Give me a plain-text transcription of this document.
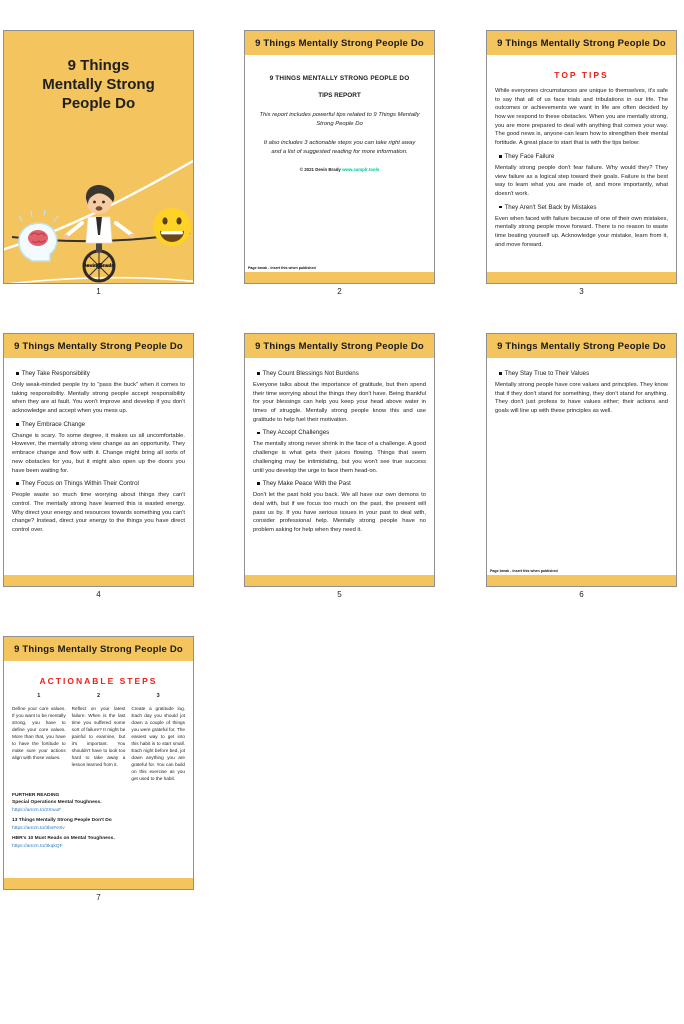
9 Things
Mentally Strong
People Do
Devin Brady
1
9 Things Mentally Strong People Do
9 THINGS MENTALLY STRONG PEOPLE DO
TIPS REPORT
This report includes powerful tips related to 9 Things Mentally Strong People Do
It also includes 3 actionable steps you can take right away and a list of suggested reading for more information.
© 2021 Devin Brady www.samplr.tools
Page break - insert this when published
2
9 Things Mentally Strong People Do
TOP TIPS
While everyones circumstances are unique to themselves, it's safe to say that all of us face trials and tribulations in our life. The outcomes or achievements we want in life are often decided by how we respond to these obstacles. When you are mentally strong, you are more prepared to deal with anything that comes your way. The good news is, anyone can learn how to strengthen their mental fortitude. A great place to start that is with the tips below:
They Face Failure
Mentally strong people don't fear failure. Why would they? They view failure as a logical step toward their goals. Failure is the best way to learn what you are made of, and more importantly, what doesn't work.
They Aren't Set Back by Mistakes
Even when faced with failure because of one of their own mistakes, mentally strong people move forward. There is no reason to waste time beating yourself up. Acknowledge your mistake, learn from it, and move forward.
3
9 Things Mentally Strong People Do
They Take Responsibility
Only weak-minded people try to "pass the buck" when it comes to taking responsibility. Mentally strong people accept responsibility when they are at fault. You won't improve and develop if you don't acknowledge and accept when you mess up.
They Embrace Change
Change is scary. To some degree, it makes us all uncomfortable. However, the mentally strong view change as an opportunity. They embrace change and flow with it. Change might bring all sorts of new obstacles for you, but it might also open up the doors you have been waiting for.
They Focus on Things Within Their Control
People waste so much time worrying about things they can't control. The mentally strong have learned this is wasted energy. Why direct your energy and resources towards something you can't change? Instead, direct your energy to the things you have direct control over.
4
9 Things Mentally Strong People Do
They Count Blessings Not Burdens
Everyone talks about the importance of gratitude, but then spend their time worrying about the things they don't have. Being thankful for your blessings can help you keep your head above water in times of struggle. Mentally strong people know this and use gratitude to help fuel their motivation.
They Accept Challenges
The mentally strong never shrink in the face of a challenge. A good challenge is what gets their juices flowing. Things that seem challenging may be intimidating, but you won't see true success until you develop the urge to face them head-on.
They Make Peace With the Past
Don't let the past hold you back. We all have our own demons to deal with, but if we focus too much on the past, the present will pass us by. If you have serious issues in your past to deal with, consider professional help. Mentally strong people have no problem asking for help when they need it.
5
9 Things Mentally Strong People Do
They Stay True to Their Values
Mentally strong people have core values and principles. They know that if they don't stand for something, they don't stand for anything. They don't just profess to have values either; their actions and goals will line up with these principles as well.
Page break - insert this when published
6
9 Things Mentally Strong People Do
ACTIONABLE STEPS
1	2	3
Define your core values. If you want to be mentally strong, you have to define your core values. More than that, you have to have the fortitude to make sure your actions align with those values.
Reflect on your latest failure. When is the last time you suffered some sort of failure? It might be painful to examine, but it's important. You shouldn't have to look too hard to take away a lesson learned from it.
Create a gratitude log. Each day you should jot down a couple of things you were grateful for. The easiest way to get into this habit is to start small. Each night before bed, jot down anything you are grateful for. You can build on this exercise as you get used to the habit.
FURTHER READING
Special Operations Mental Toughness.
https://amzn.to/2XIuuF
13 Things Mentally Strong People Don't Do
https://amzn.to/3bsFeSv
HBR's 10 Must Reads on Mental Toughness.
https://amzn.to/3kqkQF
7
